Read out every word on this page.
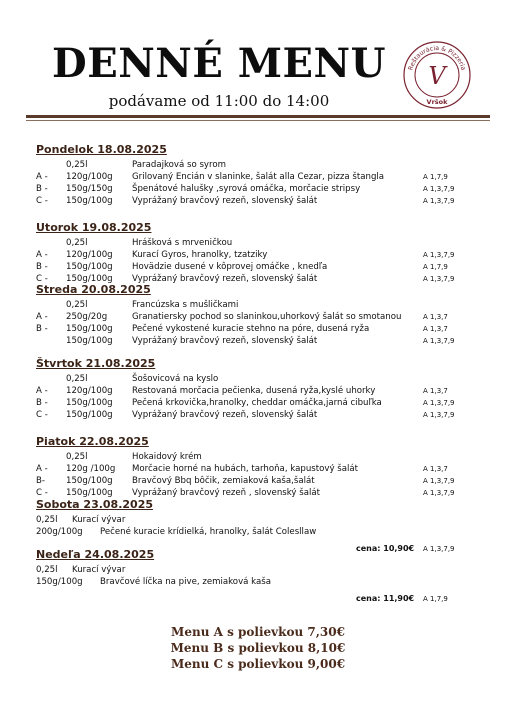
DENNÉ MENU
podávame od 11:00 do 14:00
Reštaurácia & Pizzeria
V
Vršok
Pondelok 18.08.2025
0,25l	Paradajková so syrom
A - 120g/100g Grilovaný Encián v slaninke, šalát alla Cezar, pizza štangla	A 1,7,9
B - 150g/150g Špenátové halušky ,syrová omáčka, morčacie stripsy	A 1,3,7,9
C - 150g/100g Vyprážaný bravčový rezeň, slovenský šalát	A 1,3,7,9
Utorok 19.08.2025
0,25l	Hrášková s mrveničkou
A - 120g/100g Kurací Gyros, hranolky, tzatziky	A 1,3,7,9
B - 150g/100g Hovädzie dusené v kôprovej omáčke , knedľa	A 1,7,9
C - 150g/100g Vyprážaný bravčový rezeň, slovenský šalát	A 1,3,7,9
Streda 20.08.2025
0,25l	Francúzska s mušličkami
A - 250g/20g	Granatiersky pochod so slaninkou,uhorkový šalát so smotanou	A 1,3,7
B - 150g/100g Pečené vykostené kuracie stehno na póre, dusená ryža	A 1,3,7
150g/100g Vyprážaný bravčový rezeň, slovenský šalát	A 1,3,7,9
Štvrtok 21.08.2025
0,25l	Šošovicová na kyslo
A - 120g/100g Restovaná morčacia pečienka, dusená ryža,kyslé uhorky	A 1,3,7
B - 150g/100g Pečená krkovička,hranolky, cheddar omáčka,jarná cibuľka	A 1,3,7,9
C - 150g/100g Vyprážaný bravčový rezeň, slovenský šalát	A 1,3,7,9
Piatok 22.08.2025
0,25l	Hokaidový krém
A - 120g /100g Morčacie horné na hubách, tarhoňa, kapustový šalát	A 1,3,7
B- 150g/100g Bravčový Bbq bôčik, zemiaková kaša,šalát	A 1,3,7,9
C - 150g/100g Vyprážaný bravčový rezeň , slovenský šalát	A 1,3,7,9
Sobota 23.08.2025
0,25l Kurací vývar
200g/100g Pečené kuracie krídielká, hranolky, šalát Colesllaw
cena: 10,90€ A 1,3,7,9
Nedeľa 24.08.2025
0,25l Kurací vývar
150g/100g Bravčové líčka na pive, zemiaková kaša
cena: 11,90€ A 1,7,9
Menu A s polievkou 7,30€
Menu B s polievkou 8,10€
Menu C s polievkou 9,00€
